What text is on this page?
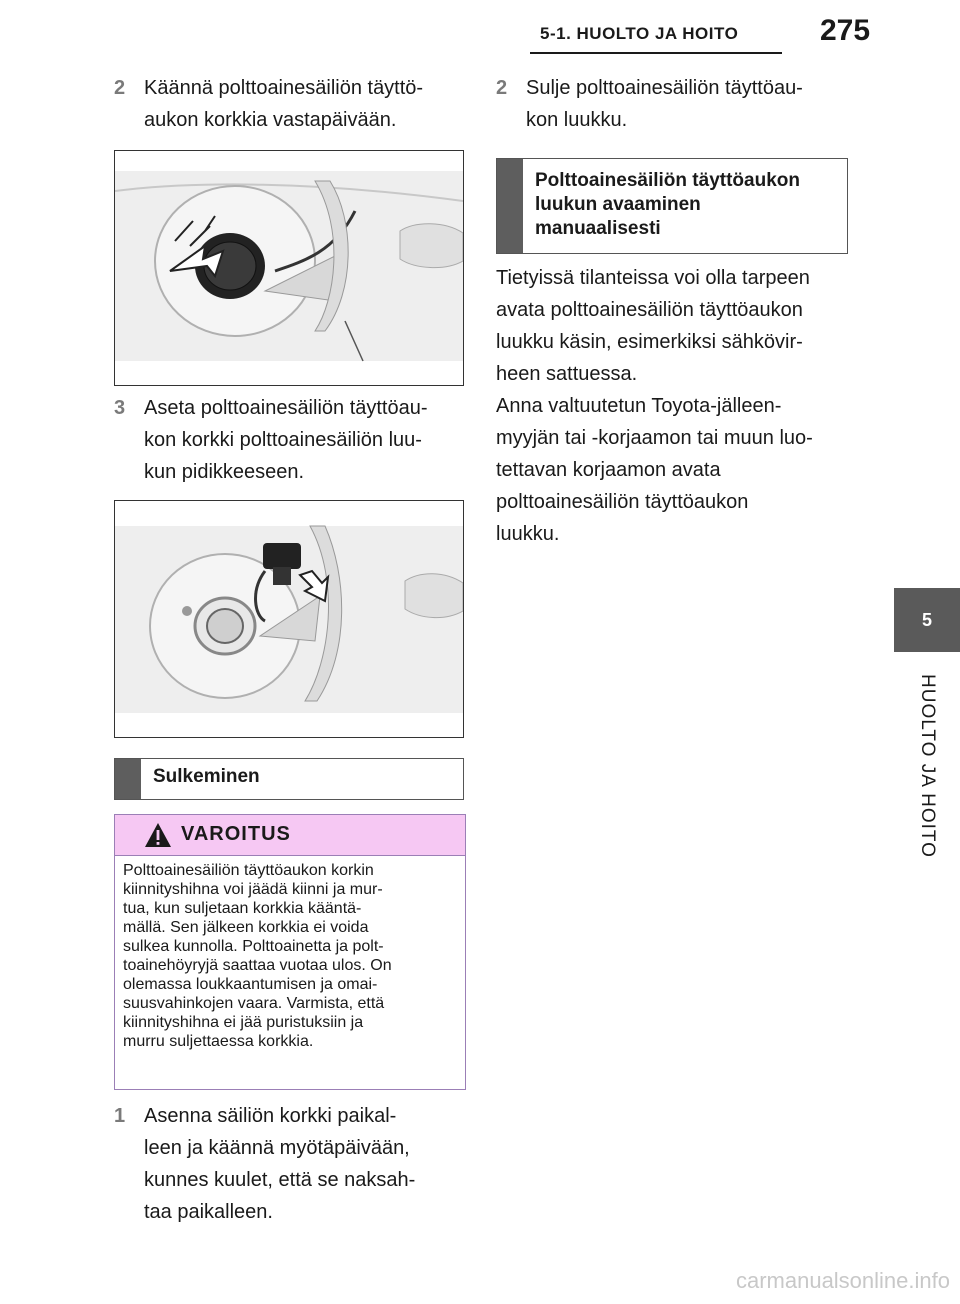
5-1. HUOLTO JA HOITO	275
5
HUOLTO JA HOITO
2 Käännä polttoainesäiliön täyttö-
aukon korkkia vastapäivään.
3 Aseta polttoainesäiliön täyttöau-
kon korkki polttoainesäiliön luu-
kun pidikkeeseen.
Sulkeminen
VAROITUS
Polttoainesäiliön täyttöaukon korkin
kiinnityshihna voi jäädä kiinni ja mur-
tua, kun suljetaan korkkia kääntä-
mällä. Sen jälkeen korkkia ei voida
sulkea kunnolla. Polttoainetta ja polt-
toainehöyryjä saattaa vuotaa ulos. On
olemassa loukkaantumisen ja omai-
suusvahinkojen vaara. Varmista, että
kiinnityshihna ei jää puristuksiin ja
murru suljettaessa korkkia.
1 Asenna säiliön korkki paikal-
leen ja käännä myötäpäivään,
kunnes kuulet, että se naksah-
taa paikalleen.
2 Sulje polttoainesäiliön täyttöau-
kon luukku.
Polttoainesäiliön täyttöaukon
luukun avaaminen
manuaalisesti
Tietyissä tilanteissa voi olla tarpeen
avata polttoainesäiliön täyttöaukon
luukku käsin, esimerkiksi sähkövir-
heen sattuessa.
Anna valtuutetun Toyota-jälleen-
myyjän tai -korjaamon tai muun luo-
tettavan korjaamon avata
polttoainesäiliön täyttöaukon
luukku.
carmanualsonline.info
